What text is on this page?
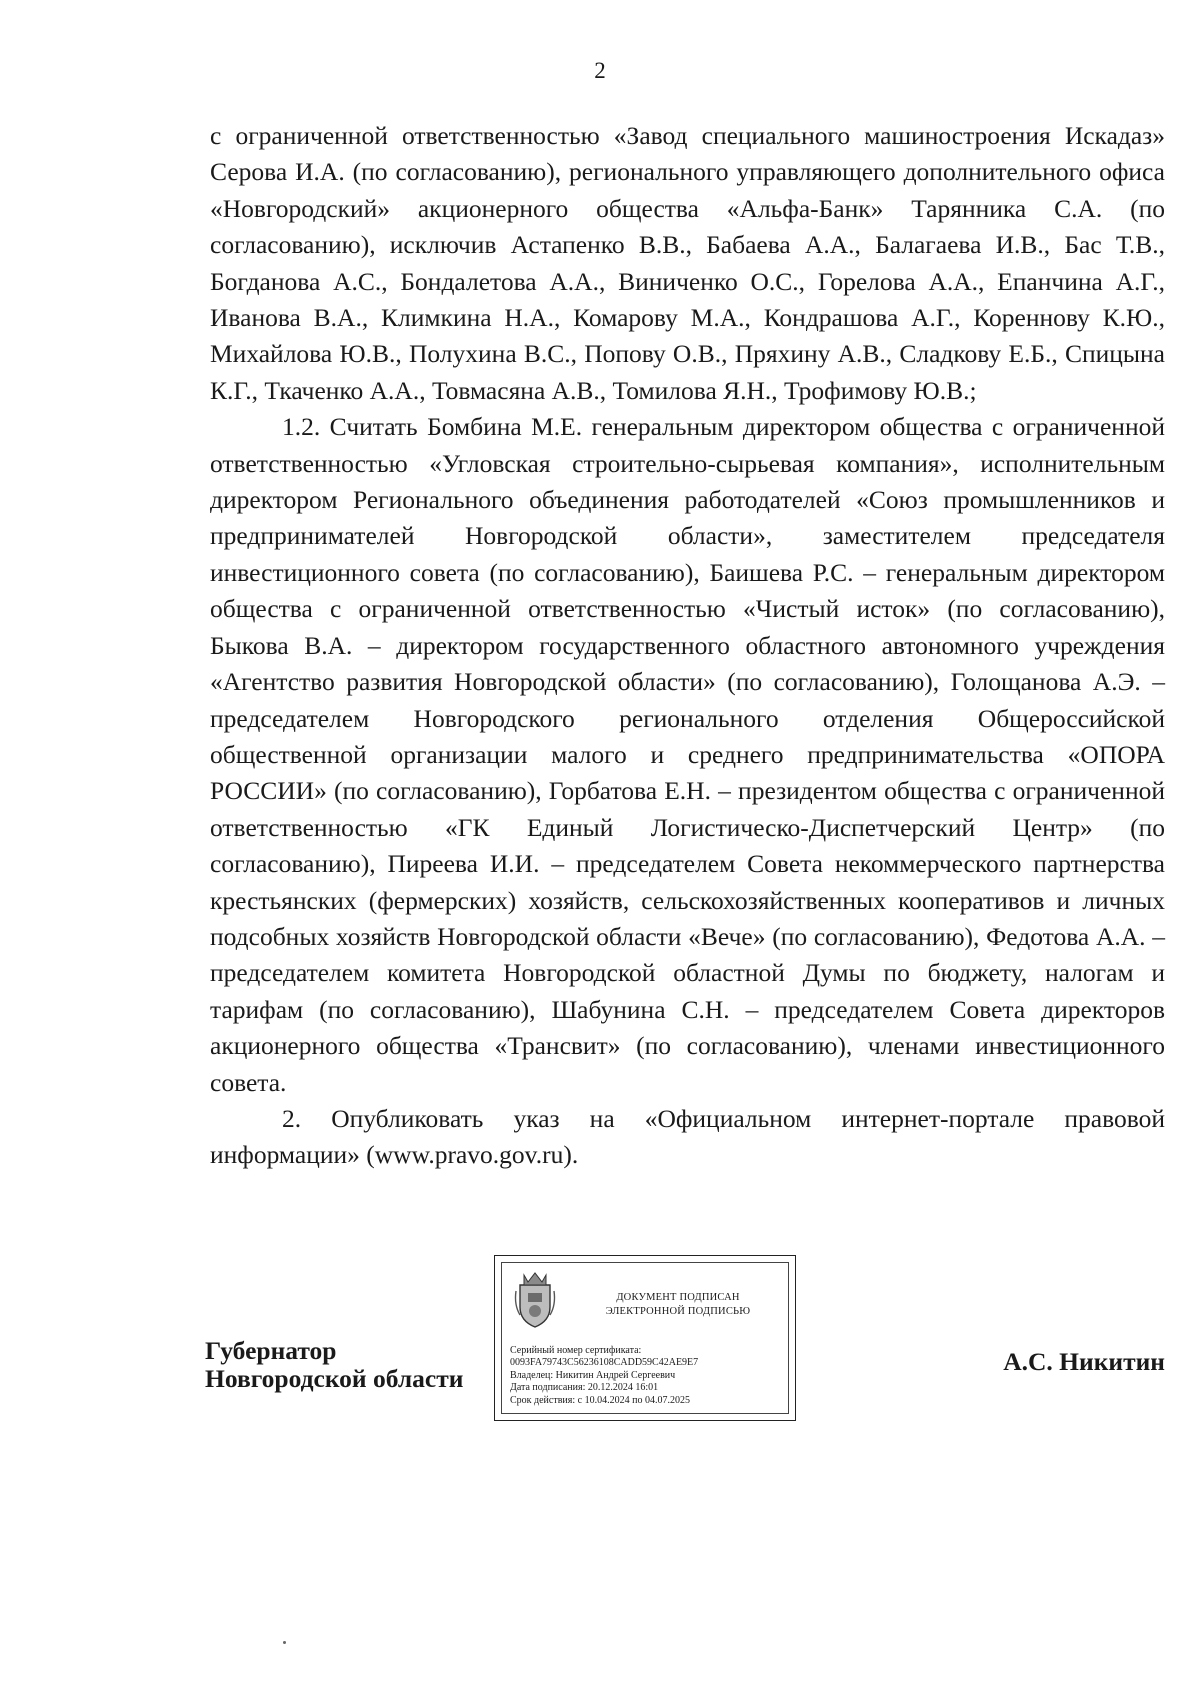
2

с ограниченной ответственностью «Завод специального машиностроения Искадаз» Серова И.А. (по согласованию), регионального управляющего дополнительного офиса «Новгородский» акционерного общества «Альфа-Банк» Тарянника С.А. (по согласованию), исключив Астапенко В.В., Бабаева А.А., Балагаева И.В., Бас Т.В., Богданова А.С., Бондалетова А.А., Виниченко О.С., Горелова А.А., Епанчина А.Г., Иванова В.А., Климкина Н.А., Комарову М.А., Кондрашова А.Г., Кореннову К.Ю., Михайлова Ю.В., Полухина В.С., Попову О.В., Пряхину А.В., Сладкову Е.Б., Спицына К.Г., Ткаченко А.А., Товмасяна А.В., Томилова Я.Н., Трофимову Ю.В.;

1.2. Считать Бомбина М.Е. генеральным директором общества с ограниченной ответственностью «Угловская строительно-сырьевая компания», исполнительным директором Регионального объединения работодателей «Союз промышленников и предпринимателей Новгородской области», заместителем председателя инвестиционного совета (по согласованию), Баишева Р.С. – генеральным директором общества с ограниченной ответственностью «Чистый исток» (по согласованию), Быкова В.А. – директором государственного областного автономного учреждения «Агентство развития Новгородской области» (по согласованию), Голощанова А.Э. – председателем Новгородского регионального отделения Общероссийской общественной организации малого и среднего предпринимательства «ОПОРА РОССИИ» (по согласованию), Горбатова Е.Н. – президентом общества с ограниченной ответственностью «ГК Единый Логистическо-Диспетчерский Центр» (по согласованию), Пиреева И.И. – председателем Совета некоммерческого партнерства крестьянских (фермерских) хозяйств, сельскохозяйственных кооперативов и личных подсобных хозяйств Новгородской области «Вече» (по согласованию), Федотова А.А. – председателем комитета Новгородской областной Думы по бюджету, налогам и тарифам (по согласованию), Шабунина С.Н. – председателем Совета директоров акционерного общества «Трансвит» (по согласованию), членами инвестиционного совета.

2. Опубликовать указ на «Официальном интернет-портале правовой информации» (www.pravo.gov.ru).

Губернатор
Новгородской области
ДОКУМЕНТ ПОДПИСАН
ЭЛЕКТРОННОЙ ПОДПИСЬЮ
Серийный номер сертификата:
0093FA79743C56236108CADD59C42AE9E7
Владелец: Никитин Андрей Сергеевич
Дата подписания: 20.12.2024 16:01
Срок действия: с 10.04.2024 по 04.07.2025
А.С. Никитин
